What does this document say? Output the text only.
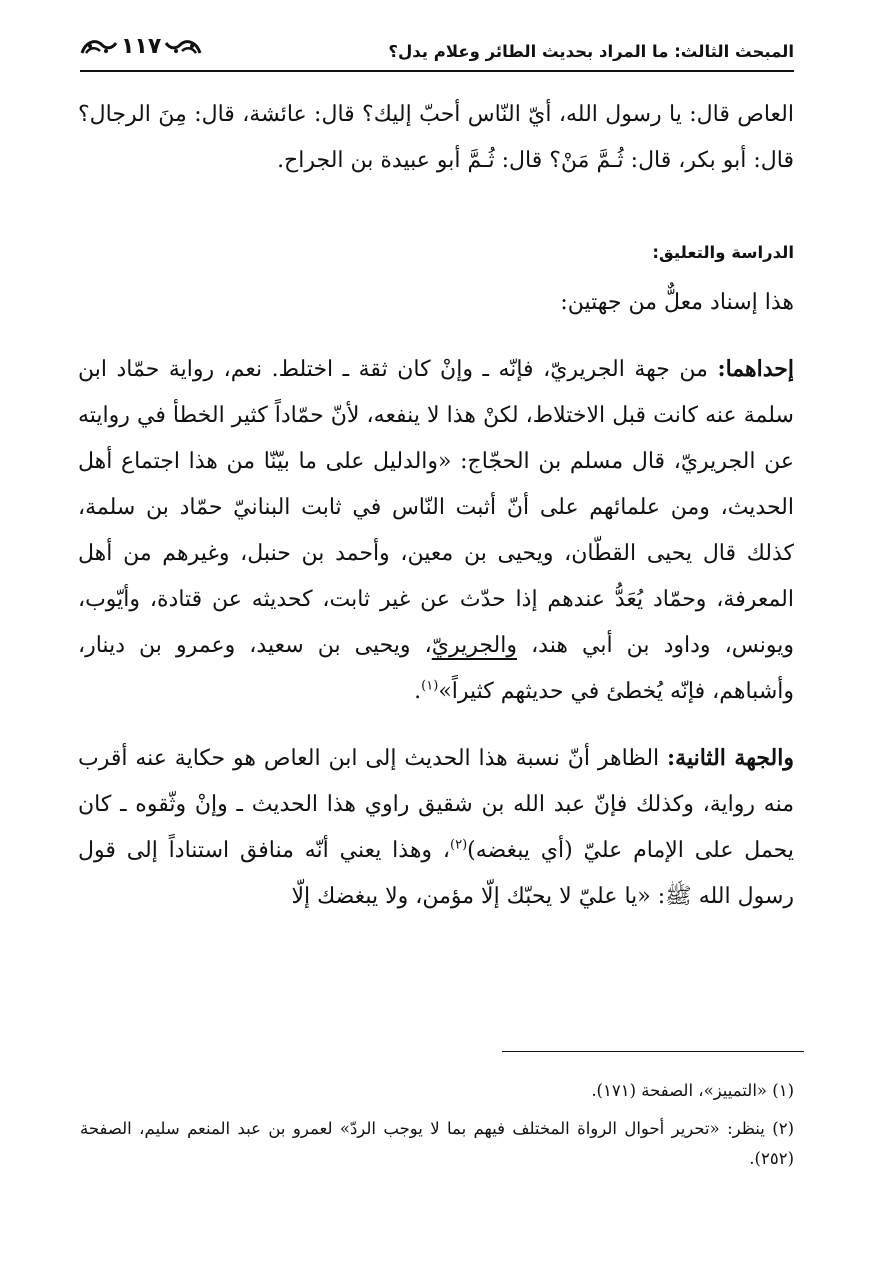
المبحث الثالث: ما المراد بحديث الطائر وعلام يدل؟
١١٧

العاص قال: يا رسول الله، أيّ النّاس أحبّ إليك؟ قال: عائشة، قال: مِنَ الرجال؟ قال: أبو بكر، قال: ثُـمَّ مَنْ؟ قال: ثُـمَّ أبو عبيدة بن الجراح.

الدراسة والتعليق:

هذا إسناد معلٌّ من جهتين:

إحداهما: من جهة الجريريّ، فإنّه ـ وإنْ كان ثقة ـ اختلط. نعم، رواية حمّاد ابن سلمة عنه كانت قبل الاختلاط، لكنْ هذا لا ينفعه، لأنّ حمّاداً كثير الخطأ في روايته عن الجريريّ، قال مسلم بن الحجّاج: «والدليل على ما بيّنّا من هذا اجتماع أهل الحديث، ومن علمائهم على أنّ أثبت النّاس في ثابت البنانيّ حمّاد بن سلمة، كذلك قال يحيى القطّان، ويحيى بن معين، وأحمد بن حنبل، وغيرهم من أهل المعرفة، وحمّاد يُعَدُّ عندهم إذا حدّث عن غير ثابت، كحديثه عن قتادة، وأيّوب، ويونس، وداود بن أبي هند، والجريريّ، ويحيى بن سعيد، وعمرو بن دينار، وأشباهم، فإنّه يُخطئ في حديثهم كثيراً»$^{(١)}$.

والجهة الثانية: الظاهر أنّ نسبة هذا الحديث إلى ابن العاص هو حكاية عنه أقرب منه رواية، وكذلك فإنّ عبد الله بن شقيق راوي هذا الحديث ـ وإنْ وثّقوه ـ كان يحمل على الإمام عليّ (أي يبغضه)$^{(٢)}$، وهذا يعني أنّه منافق استناداً إلى قول رسول الله ﷺ: «يا عليّ لا يحبّك إلّا مؤمن، ولا يبغضك إلّا

(١) «التمييز»، الصفحة (١٧١).

(٢) ينظر: «تحرير أحوال الرواة المختلف فيهم بما لا يوجب الردّ» لعمرو بن عبد المنعم سليم، الصفحة (٢٥٢).
